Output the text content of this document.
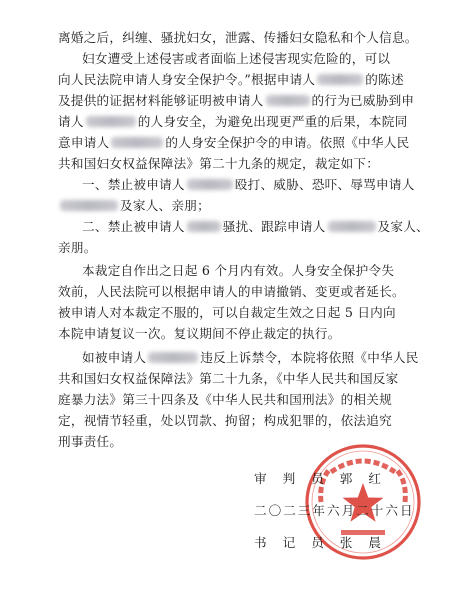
离婚之后，纠缠、骚扰妇女，泄露、传播妇女隐私和个人信息。
妇女遭受上述侵害或者面临上述侵害现实危险的，可以
向人民法院申请人身安全保护令。”根据申请人	的陈述
及提供的证据材料能够证明被申请人	的行为已威胁到申
请人	的人身安全，为避免出现更严重的后果，本院同
意申请人	的人身安全保护令的申请。依照《中华人民
共和国妇女权益保障法》第二十九条的规定，裁定如下：
一、禁止被申请人	殴打、威胁、恐吓、辱骂申请人
及家人、亲朋；
二、禁止被申请人	骚扰、跟踪申请人	及家人、
亲朋。
本裁定自作出之日起 6 个月内有效。人身安全保护令失
效前，人民法院可以根据申请人的申请撤销、变更或者延长。
被申请人对本裁定不服的，可以自裁定生效之日起 5 日内向
本院申请复议一次。复议期间不停止裁定的执行。
如被申请人	违反上诉禁令，本院将依照《中华人民
共和国妇女权益保障法》第二十九条，《中华人民共和国反家
庭暴力法》第三十四条及《中华人民共和国刑法》的相关规
定，视情节轻重，处以罚款、拘留；构成犯罪的，依法追究
刑事责任。
审 判 员 郭 红
二〇二三年六月二十六日
书 记 员 张 晨
